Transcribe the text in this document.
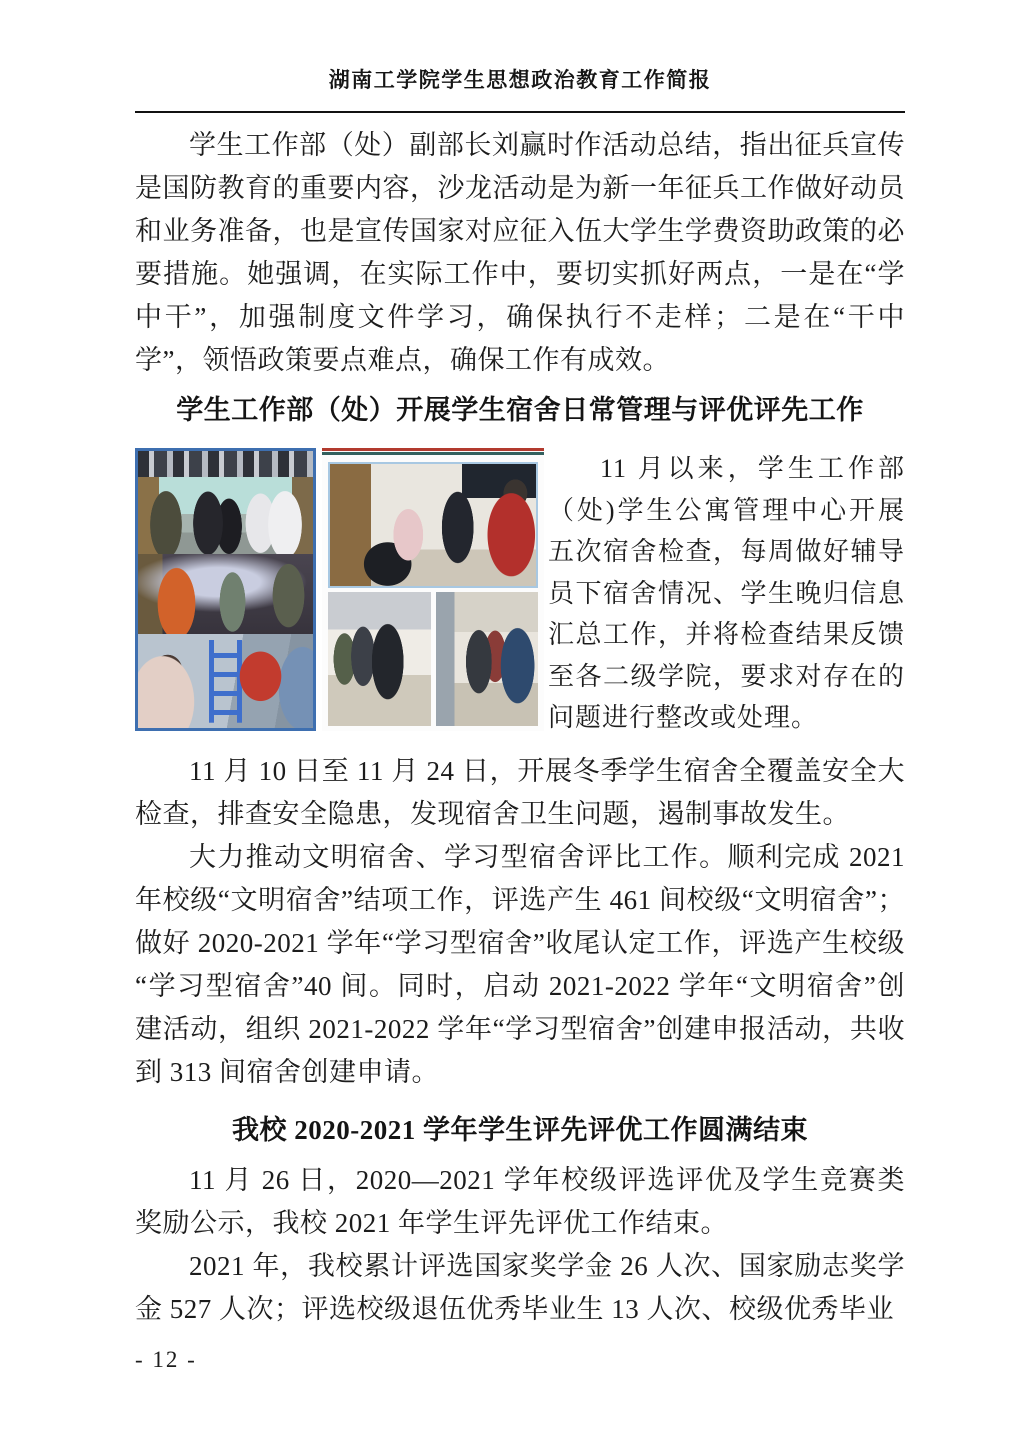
湖南工学院学生思想政治教育工作简报

学生工作部（处）副部长刘赢时作活动总结，指出征兵宣传是国防教育的重要内容，沙龙活动是为新一年征兵工作做好动员和业务准备，也是宣传国家对应征入伍大学生学费资助政策的必要措施。她强调，在实际工作中，要切实抓好两点，一是在“学中干”，加强制度文件学习，确保执行不走样；二是在“干中学”，领悟政策要点难点，确保工作有成效。

学生工作部（处）开展学生宿舍日常管理与评优评先工作

11 月以来，学生工作部（处)学生公寓管理中心开展五次宿舍检查，每周做好辅导员下宿舍情况、学生晚归信息汇总工作，并将检查结果反馈至各二级学院，要求对存在的问题进行整改或处理。

11 月 10 日至 11 月 24 日，开展冬季学生宿舍全覆盖安全大检查，排查安全隐患，发现宿舍卫生问题，遏制事故发生。

大力推动文明宿舍、学习型宿舍评比工作。顺利完成 2021 年校级“文明宿舍”结项工作，评选产生 461 间校级“文明宿舍”；做好 2020-2021 学年“学习型宿舍”收尾认定工作，评选产生校级“学习型宿舍”40 间。同时，启动 2021-2022 学年“文明宿舍”创建活动，组织 2021-2022 学年“学习型宿舍”创建申报活动，共收到 313 间宿舍创建申请。

我校 2020-2021 学年学生评先评优工作圆满结束

11 月 26 日，2020—2021 学年校级评选评优及学生竞赛类奖励公示，我校 2021 年学生评先评优工作结束。

2021 年，我校累计评选国家奖学金 26 人次、国家励志奖学金 527 人次；评选校级退伍优秀毕业生 13 人次、校级优秀毕业

- 12 -
